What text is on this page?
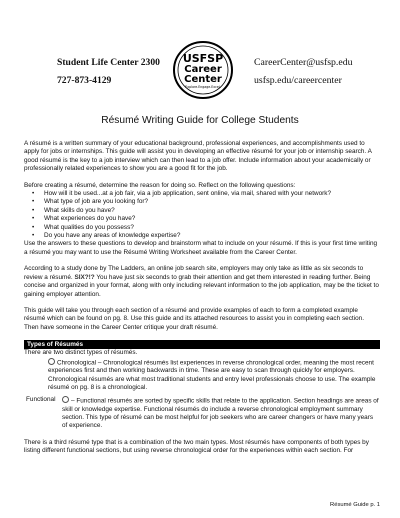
Student Life Center 2300
727-873-4129
USFSP
Career
Center
Explore.Engage.Excel.
CareerCenter@usfsp.edu
usfsp.edu/careercenter
Résumé Writing Guide for College Students

A résumé is a written summary of your educational background, professional experiences, and accomplishments used to apply for jobs or internships. This guide will assist you in developing an effective résumé for your job or internship search. A good résumé is the key to a job interview which can then lead to a job offer. Include information about your academically or professionally related experiences to show you are a good fit for the job.

Before creating a résumé, determine the reason for doing so. Reflect on the following questions:

• How will it be used...at a job fair, via a job application, sent online, via mail, shared with your network?
• What type of job are you looking for?
• What skills do you have?
• What experiences do you have?
• What qualities do you possess?
• Do you have any areas of knowledge expertise?

Use the answers to these questions to develop and brainstorm what to include on your résumé. If this is your first time writing a résumé you may want to use the Résumé Writing Worksheet available from the Career Center.

According to a study done by The Ladders, an online job search site, employers may only take as little as six seconds to review a résumé. SIX?!? You have just six seconds to grab their attention and get them interested in reading further. Being concise and organized in your format, along with only including relevant information to the job application, may be the ticket to gaining employer attention.

This guide will take you through each section of a résumé and provide examples of each to form a completed example résumé which can be found on pg. 8. Use this guide and its attached resources to assist you in completing each section. Then have someone in the Career Center critique your draft résumé.

Types of Résumés

There are two distinct types of résumés.

Chronological – Chronological résumés list experiences in reverse chronological order, meaning the most recent experiences first and then working backwards in time. These are easy to scan through quickly for employers. Chronological résumés are what most traditional students and entry level professionals choose to use. The example résumé on pg. 8 is a chronological.
Functional	– Functional résumés are sorted by specific skills that relate to the application. Section headings are areas of skill or knowledge expertise. Functional résumés do include a reverse chronological employment summary section. This type of résumé can be most helpful for job seekers who are career changers or have many years of experience.

There is a third résumé type that is a combination of the two main types. Most résumés have components of both types by listing different functional sections, but using reverse chronological order for the experiences within each section. For

Résumé Guide p. 1
